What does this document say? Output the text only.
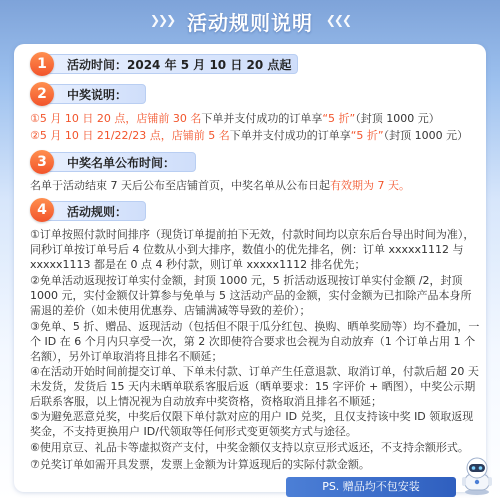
❯❯❯ 活动规则说明 ❮❮❮
1	活动时间：2024 年 5 月 10 日 20 点起
2	中奖说明：
①5 月 10 日 20 点，店铺前 30 名下单并支付成功的订单享“5 折”（封顶 1000 元）
②5 月 10 日 21/22/23 点，店铺前 5 名下单并支付成功的订单享“5 折”（封顶 1000 元）
3	中奖名单公布时间：
名单于活动结束 7 天后公布至店铺首页，中奖名单从公布日起有效期为 7 天。
4	活动规则：
①订单按照付款时间排序（现货订单提前拍下无效，付款时间均以京东后台导出时间为准），同秒订单按订单号后 4 位数从小到大排序，数值小的优先排名，例：订单 xxxxx1112 与 xxxxx1113 都是在 0 点 4 秒付款，则订单 xxxxx1112 排名优先；
②免单活动返现按订单实付金额，封顶 1000 元，5 折活动返现按订单实付金额 /2，封顶 1000 元，实付金额仅计算参与免单与 5 这活动产品的金额，实付金额为已扣除产品本身所需退的差价（如未使用优惠券、店铺满减等导致的差价）；
③免单、5 折、赠品、返现活动（包括但不限于瓜分红包、换购、晒单奖励等）均不叠加，一个 ID 在 6 个月内只享受一次，第 2 次即使符合要求也会视为自动放弃（1 个订单占用 1 个名额），另外订单取消将且排名不顺延；
④在活动开始时间前提交订单、下单未付款、订单产生任意退款、取消订单，付款后超 20 天未发货，发货后 15 天内未晒单联系客服后返（晒单要求：15 字评价 + 晒图），中奖公示期后联系客服，以上情况视为自动放弃中奖资格，资格取消且排名不顺延；
⑤为避免恶意兑奖，中奖后仅限下单付款对应的用户 ID 兑奖，且仅支持该中奖 ID 领取返现奖金，不支持更换用户 ID/代领取等任何形式变更领奖方式与途径。
⑥使用京豆、礼品卡等虚拟资产支付，中奖金额仅支持以京豆形式返还，不支持余额形式。
⑦兑奖订单如需开具发票，发票上金额为计算返现后的实际付款金额。
PS. 赠品均不包安装
